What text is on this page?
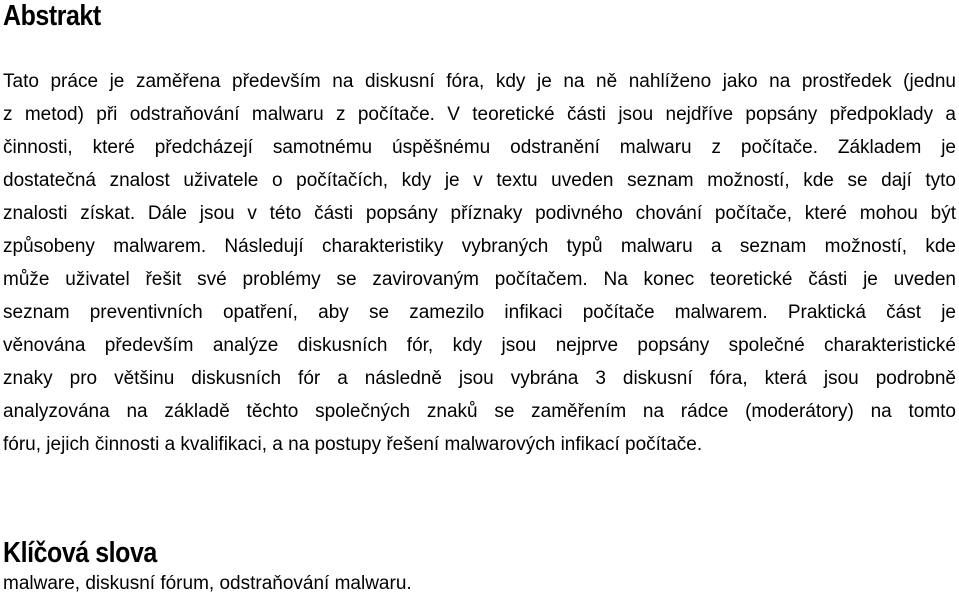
Abstrakt

Tato práce je zaměřena především na diskusní fóra, kdy je na ně nahlíženo jako na prostředek (jednu

z metod) při odstraňování malwaru z počítače. V teoretické části jsou nejdříve popsány předpoklady a

činnosti, které předcházejí samotnému úspěšnému odstranění malwaru z počítače. Základem je

dostatečná znalost uživatele o počítačích, kdy je v textu uveden seznam možností, kde se dají tyto

znalosti získat. Dále jsou v této části popsány příznaky podivného chování počítače, které mohou být

způsobeny malwarem. Následují charakteristiky vybraných typů malwaru a seznam možností, kde

může uživatel řešit své problémy se zavirovaným počítačem. Na konec teoretické části je uveden

seznam preventivních opatření, aby se zamezilo infikaci počítače malwarem. Praktická část je

věnována především analýze diskusních fór, kdy jsou nejprve popsány společné charakteristické

znaky pro většinu diskusních fór a následně jsou vybrána 3 diskusní fóra, která jsou podrobně

analyzována na základě těchto společných znaků se zaměřením na rádce (moderátory) na tomto

fóru, jejich činnosti a kvalifikaci, a na postupy řešení malwarových infikací počítače.

Klíčová slova

malware, diskusní fórum, odstraňování malwaru.
